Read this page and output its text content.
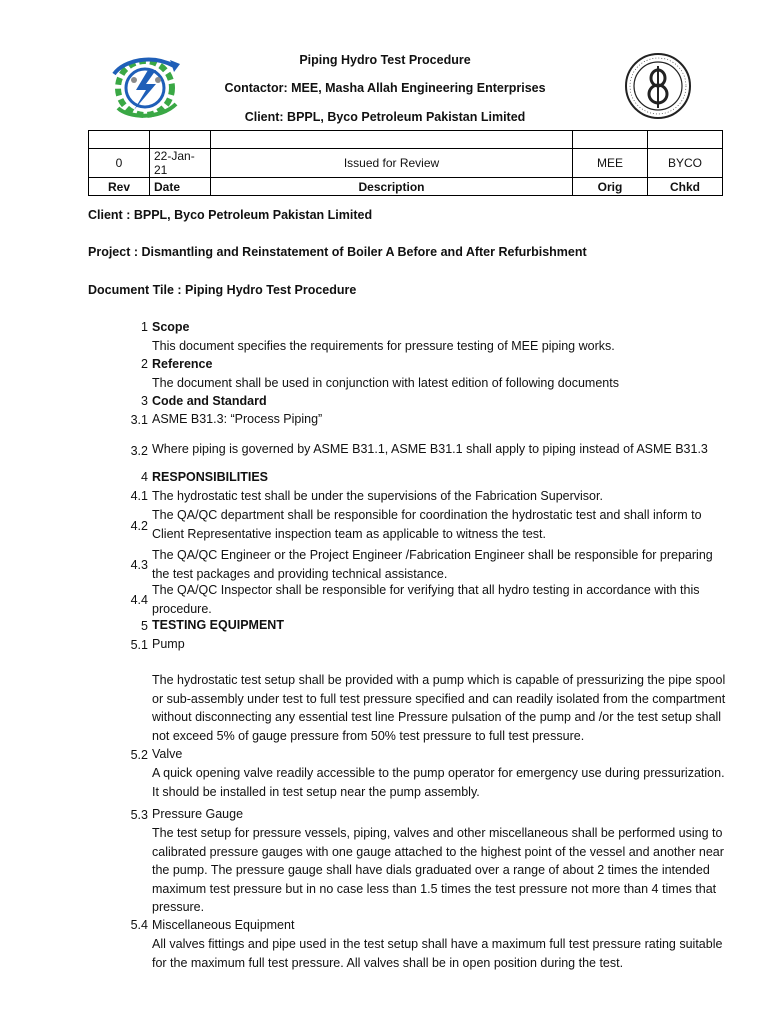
Piping Hydro Test Procedure
Contactor: MEE, Masha Allah Engineering Enterprises
Client: BPPL, Byco Petroleum Pakistan Limited

0	22-Jan-21	Issued for Review	MEE	BYCO
Rev	Date	Description	Orig	Chkd
Client : BPPL, Byco Petroleum Pakistan Limited
Project : Dismantling and Reinstatement of Boiler A Before and After Refurbishment
Document Tile : Piping Hydro Test Procedure
1 Scope
This document specifies the requirements for pressure testing of MEE piping works.
2 Reference
The document shall be used in conjunction with latest edition of following documents
3 Code and Standard
3.1 ASME B31.3: “Process Piping”
3.2 Where piping is governed by ASME B31.1, ASME B31.1 shall apply to piping instead of ASME B31.3
4 RESPONSIBILITIES
4.1 The hydrostatic test shall be under the supervisions of the Fabrication Supervisor.
4.2
The QA/QC department shall be responsible for coordination the hydrostatic test and shall inform to Client Representative inspection team as applicable to witness the test.
4.3
The QA/QC Engineer or the Project Engineer /Fabrication Engineer shall be responsible for preparing the test packages and providing technical assistance.
4.4
The QA/QC Inspector shall be responsible for verifying that all hydro testing in accordance with this procedure.
5 TESTING EQUIPMENT
5.1 Pump
The hydrostatic test setup shall be provided with a pump which is capable of pressurizing the pipe spool or sub-assembly under test to full test pressure specified and can readily isolated from the compartment without disconnecting any essential test line Pressure pulsation of the pump and /or the test setup shall not exceed 5% of gauge pressure from 50% test pressure to full test pressure.
5.2 Valve
A quick opening valve readily accessible to the pump operator for emergency use during pressurization. It should be installed in test setup near the pump assembly.
5.3 Pressure Gauge
The test setup for pressure vessels, piping, valves and other miscellaneous shall be performed using to calibrated pressure gauges with one gauge attached to the highest point of the vessel and another near the pump. The pressure gauge shall have dials graduated over a range of about 2 times the intended maximum test pressure but in no case less than 1.5 times the test pressure not more than 4 times that pressure.
5.4 Miscellaneous Equipment
All valves fittings and pipe used in the test setup shall have a maximum full test pressure rating suitable for the maximum full test pressure. All valves shall be in open position during the test.
